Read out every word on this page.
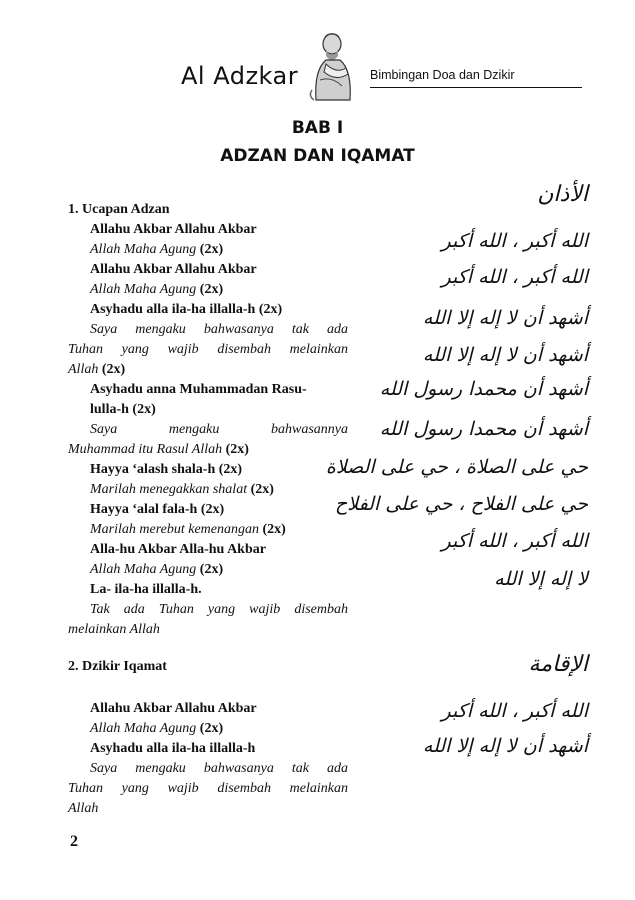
Al Adzkar	Bimbingan Doa dan Dzikir
BAB I
ADZAN DAN IQAMAT
1. Ucapan Adzan
Allahu Akbar Allahu Akbar
Allah Maha Agung (2x)
Allahu Akbar Allahu Akbar
Allah Maha Agung (2x)
Asyhadu alla ila-ha illalla-h (2x)
Saya mengaku bahwasanya tak ada
Tuhan yang wajib disembah melainkan
Allah (2x)
Asyhadu anna Muhammadan Rasu-
lulla-h (2x)
Saya mengaku bahwasannya
Muhammad itu Rasul Allah (2x)
Hayya ‘alash shala-h (2x)
Marilah menegakkan shalat (2x)
Hayya ‘alal fala-h (2x)
Marilah merebut kemenangan (2x)
Alla-hu Akbar Alla-hu Akbar
Allah Maha Agung (2x)
La- ila-ha illalla-h.
Tak ada Tuhan yang wajib disembah
melainkan Allah
الأذان
الله أكبر ، الله أكبر
الله أكبر ، الله أكبر
أشهد أن لا إله إلا الله
أشهد أن لا إله إلا الله
أشهد أن محمدا رسول الله
أشهد أن محمدا رسول الله
حي على الصلاة ، حي على الصلاة
حي على الفلاح ، حي على الفلاح
الله أكبر ، الله أكبر
لا إله إلا الله
2. Dzikir Iqamat
Allahu Akbar Allahu Akbar
Allah Maha Agung (2x)
Asyhadu alla ila-ha illalla-h
Saya mengaku bahwasanya tak ada
Tuhan yang wajib disembah melainkan
Allah
الإقامة
الله أكبر ، الله أكبر
أشهد أن لا إله إلا الله
2
